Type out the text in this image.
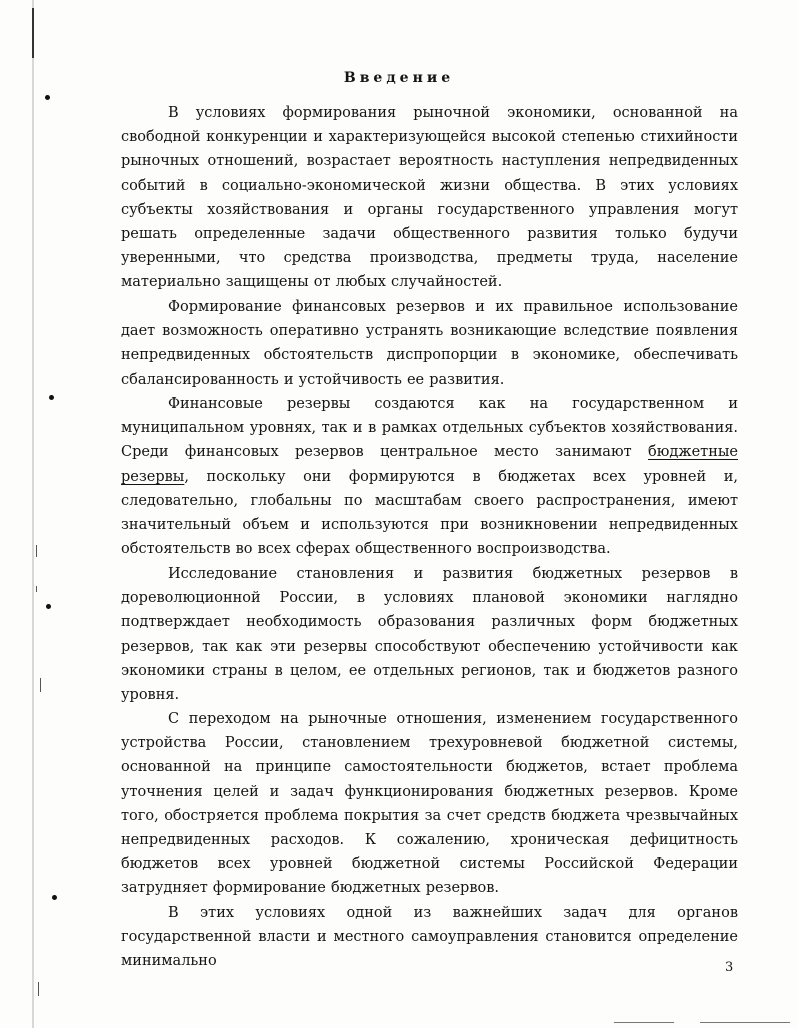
Введение

В условиях формирования рыночной экономики, основанной на свободной конкуренции и характеризующейся высокой степенью стихийности рыночных отношений, возрастает вероятность наступления непредвиденных событий в социально-экономической жизни общества. В этих условиях субъекты хозяйствования и органы государственного управления могут решать определенные задачи общественного развития только будучи уверенными, что средства производства, предметы труда, население материально защищены от любых случайностей.

Формирование финансовых резервов и их правильное использование дает возможность оперативно устранять возникающие вследствие появления непредвиденных обстоятельств диспропорции в экономике, обеспечивать сбалансированность и устойчивость ее развития.

Финансовые резервы создаются как на государственном и муниципальном уровнях, так и в рамках отдельных субъектов хозяйствования. Среди финансовых резервов центральное место занимают бюджетные резервы, поскольку они формируются в бюджетах всех уровней и, следовательно, глобальны по масштабам своего распространения, имеют значительный объем и используются при возникновении непредвиденных обстоятельств во всех сферах общественного воспроизводства.

Исследование становления и развития бюджетных резервов в дореволюционной России, в условиях плановой экономики наглядно подтверждает необходимость образования различных форм бюджетных резервов, так как эти резервы способствуют обеспечению устойчивости как экономики страны в целом, ее отдельных регионов, так и бюджетов разного уровня.

С переходом на рыночные отношения, изменением государственного устройства России, становлением трехуровневой бюджетной системы, основанной на принципе самостоятельности бюджетов, встает проблема уточнения целей и задач функционирования бюджетных резервов. Кроме того, обостряется проблема покрытия за счет средств бюджета чрезвычайных непредвиденных расходов. К сожалению, хроническая дефицитность бюджетов всех уровней бюджетной системы Российской Федерации затрудняет формирование бюджетных резервов.

В этих условиях одной из важнейших задач для органов государственной власти и местного самоуправления становится определение минимально	3
